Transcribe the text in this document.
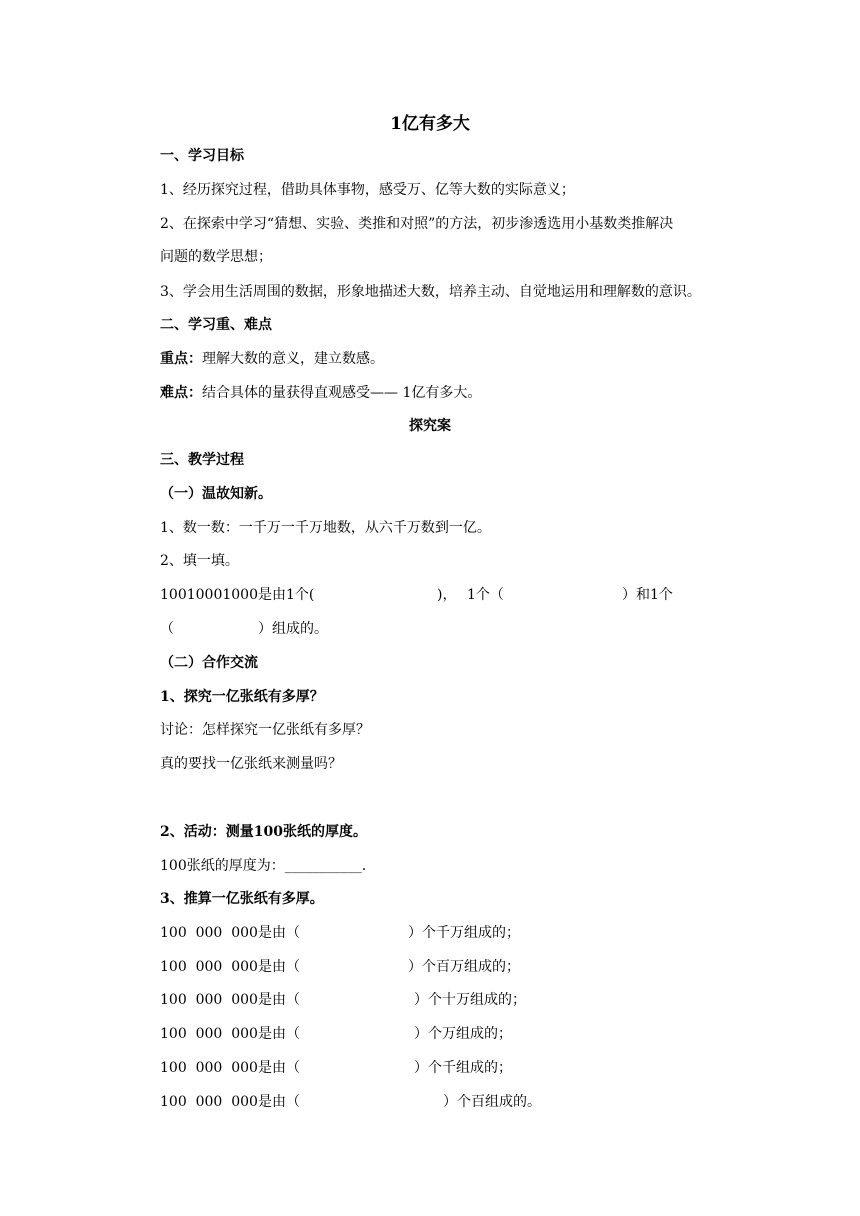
1亿有多大
一、学习目标
1、经历探究过程，借助具体事物，感受万、亿等大数的实际意义；
2、在探索中学习“猜想、实验、类推和对照”的方法，初步渗透选用小基数类推解决
问题的数学思想；
3、学会用生活周围的数据，形象地描述大数，培养主动、自觉地运用和理解数的意识。
二、学习重、难点
重点：理解大数的意义，建立数感。
难点：结合具体的量获得直观感受—— 1亿有多大。
探究案
三、教学过程
（一）温故知新。
1、数一数：一千万一千万地数，从六千万数到一亿。
2、填一填。
10010001000是由1个(	)， 1个（	）和1个
（	）组成的。
（二）合作交流
1、探究一亿张纸有多厚？
讨论：怎样探究一亿张纸有多厚？
真的要找一亿张纸来测量吗？
2、活动：测量100张纸的厚度。
100张纸的厚度为：___________.
3、推算一亿张纸有多厚。
100  000  000是由（	）个千万组成的；
100  000  000是由（	）个百万组成的；
100  000  000是由（	）个十万组成的；
100  000  000是由（	）个万组成的；
100  000  000是由（	）个千组成的；
100  000  000是由（	）个百组成的。
